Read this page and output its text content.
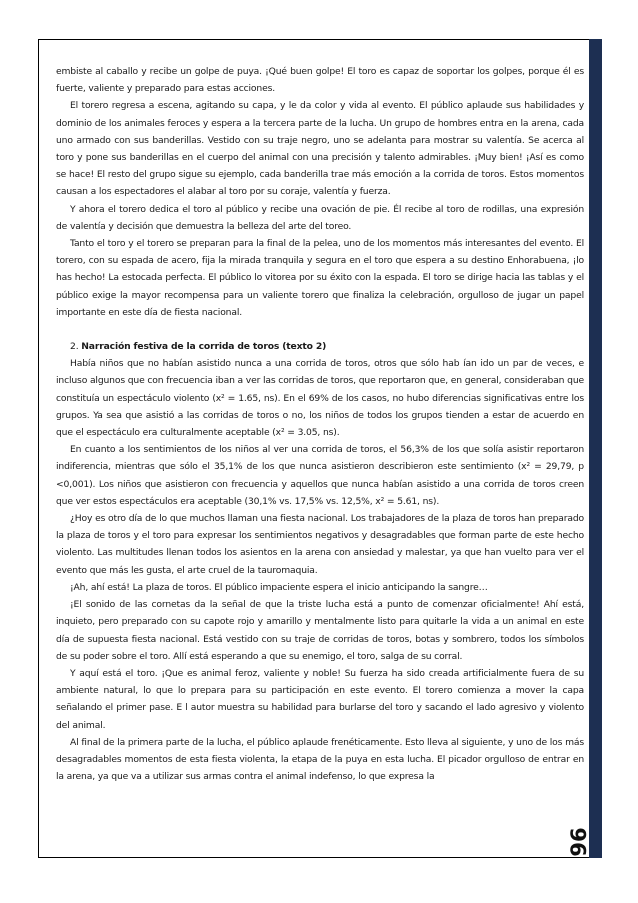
embiste al caballo y recibe un golpe de puya. ¡Qué buen golpe! El toro es capaz de soportar los golpes, porque él es fuerte, valiente y preparado para estas acciones.

El torero regresa a escena, agitando su capa, y le da color y vida al evento. El público aplaude sus habilidades y dominio de los animales feroces y espera a la tercera parte de la lucha. Un grupo de hombres entra en la arena, cada uno armado con sus banderillas. Vestido con su traje negro, uno se adelanta para mostrar su valentía. Se acerca al toro y pone sus banderillas en el cuerpo del animal con una precisión y talento admirables. ¡Muy bien! ¡Así es como se hace! El resto del grupo sigue su ejemplo, cada banderilla trae más emoción a la corrida de toros. Estos momentos causan a los espectadores el alabar al toro por su coraje, valentía y fuerza.

Y ahora el torero dedica el toro al público y recibe una ovación de pie. Él recibe al toro de rodillas, una expresión de valentía y decisión que demuestra la belleza del arte del toreo.

Tanto el toro y el torero se preparan para la final de la pelea, uno de los momentos más interesantes del evento. El torero, con su espada de acero, fija la mirada tranquila y segura en el toro que espera a su destino Enhorabuena, ¡lo has hecho! La estocada perfecta. El público lo vitorea por su éxito con la espada. El toro se dirige hacia las tablas y el público exige la mayor recompensa para un valiente torero que finaliza la celebración, orgulloso de jugar un papel importante en este día de fiesta nacional.

2. Narración festiva de la corrida de toros (texto 2)

Había niños que no habían asistido nunca a una corrida de toros, otros que sólo hab ían ido un par de veces, e incluso algunos que con frecuencia iban a ver las corridas de toros, que reportaron que, en general, consideraban que constituía un espectáculo violento (x² = 1.65, ns). En el 69% de los casos, no hubo diferencias significativas entre los grupos. Ya sea que asistió a las corridas de toros o no, los niños de todos los grupos tienden a estar de acuerdo en que el espectáculo era culturalmente aceptable (x² = 3.05, ns).

En cuanto a los sentimientos de los niños al ver una corrida de toros, el 56,3% de los que solía asistir reportaron indiferencia, mientras que sólo el 35,1% de los que nunca asistieron describieron este sentimiento (x² = 29,79, p <0,001). Los niños que asistieron con frecuencia y aquellos que nunca habían asistido a una corrida de toros creen que ver estos espectáculos era aceptable (30,1% vs. 17,5% vs. 12,5%, x² = 5.61, ns).

¿Hoy es otro día de lo que muchos llaman una fiesta nacional. Los trabajadores de la plaza de toros han preparado la plaza de toros y el toro para expresar los sentimientos negativos y desagradables que forman parte de este hecho violento. Las multitudes llenan todos los asientos en la arena con ansiedad y malestar, ya que han vuelto para ver el evento que más les gusta, el arte cruel de la tauromaquia.

¡Ah, ahí está! La plaza de toros. El público impaciente espera el inicio anticipando la sangre…

¡El sonido de las cornetas da la señal de que la triste lucha está a punto de comenzar oficialmente! Ahí está, inquieto, pero preparado con su capote rojo y amarillo y mentalmente listo para quitarle la vida a un animal en este día de supuesta fiesta nacional. Está vestido con su traje de corridas de toros, botas y sombrero, todos los símbolos de su poder sobre el toro. Allí está esperando a que su enemigo, el toro, salga de su corral.

Y aquí está el toro. ¡Que es animal feroz, valiente y noble! Su fuerza ha sido creada artificialmente fuera de su ambiente natural, lo que lo prepara para su participación en este evento. El torero comienza a mover la capa señalando el primer pase. E l autor muestra su habilidad para burlarse del toro y sacando el lado agresivo y violento del animal.

Al final de la primera parte de la lucha, el público aplaude frenéticamente. Esto lleva al siguiente, y uno de los más desagradables momentos de esta fiesta violenta, la etapa de la puya en esta lucha. El picador orgulloso de entrar en la arena, ya que va a utilizar sus armas contra el animal indefenso, lo que expresa la

96
